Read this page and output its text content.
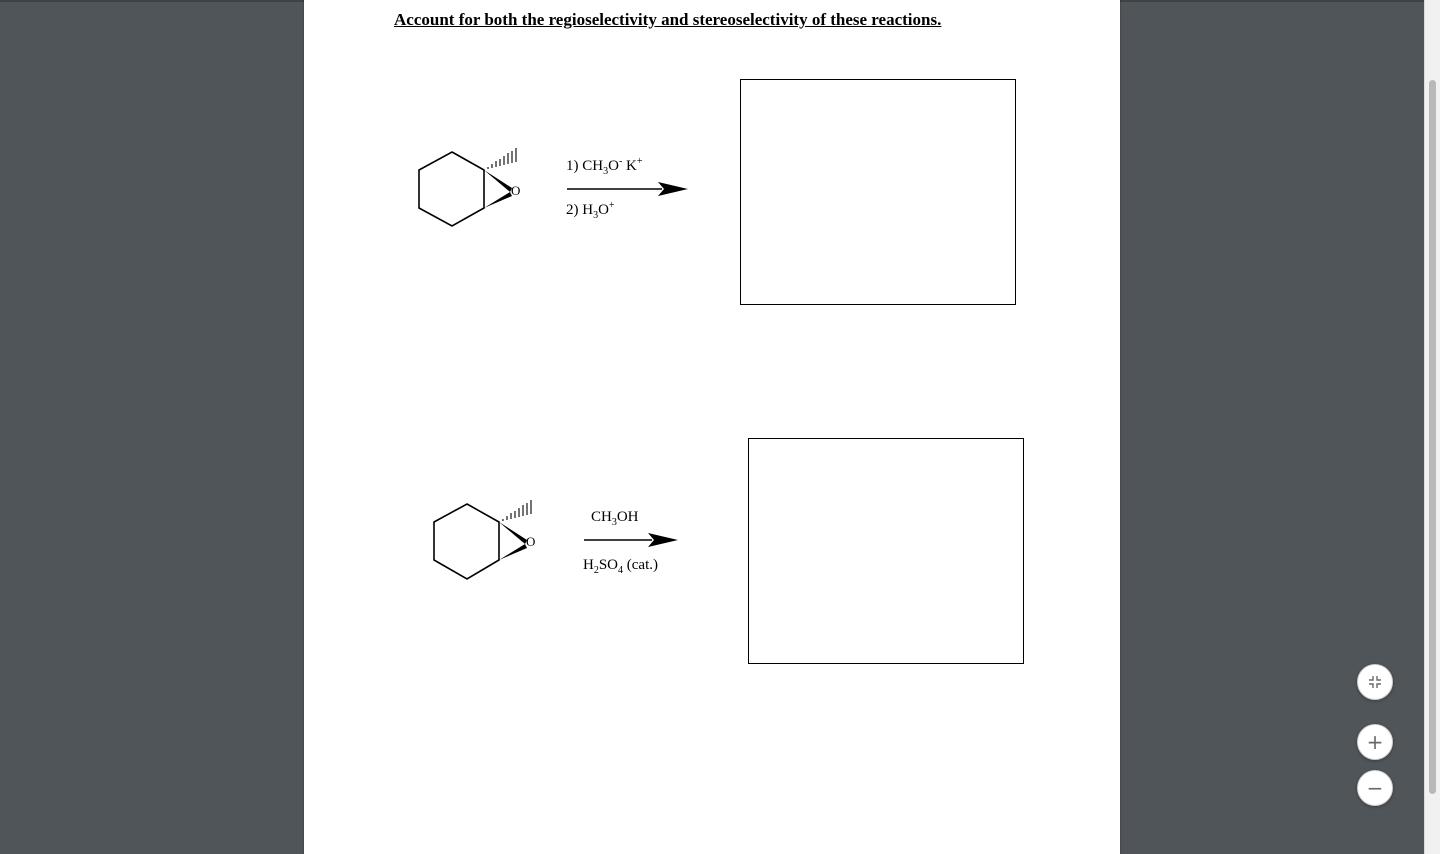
Account for both the regioselectivity and stereoselectivity of these reactions.
O
1) $CH_3O^-$ K+
2) $H_3O^+$
O
$CH_3OH$
$H_2SO_4$ (cat.)
+
−
